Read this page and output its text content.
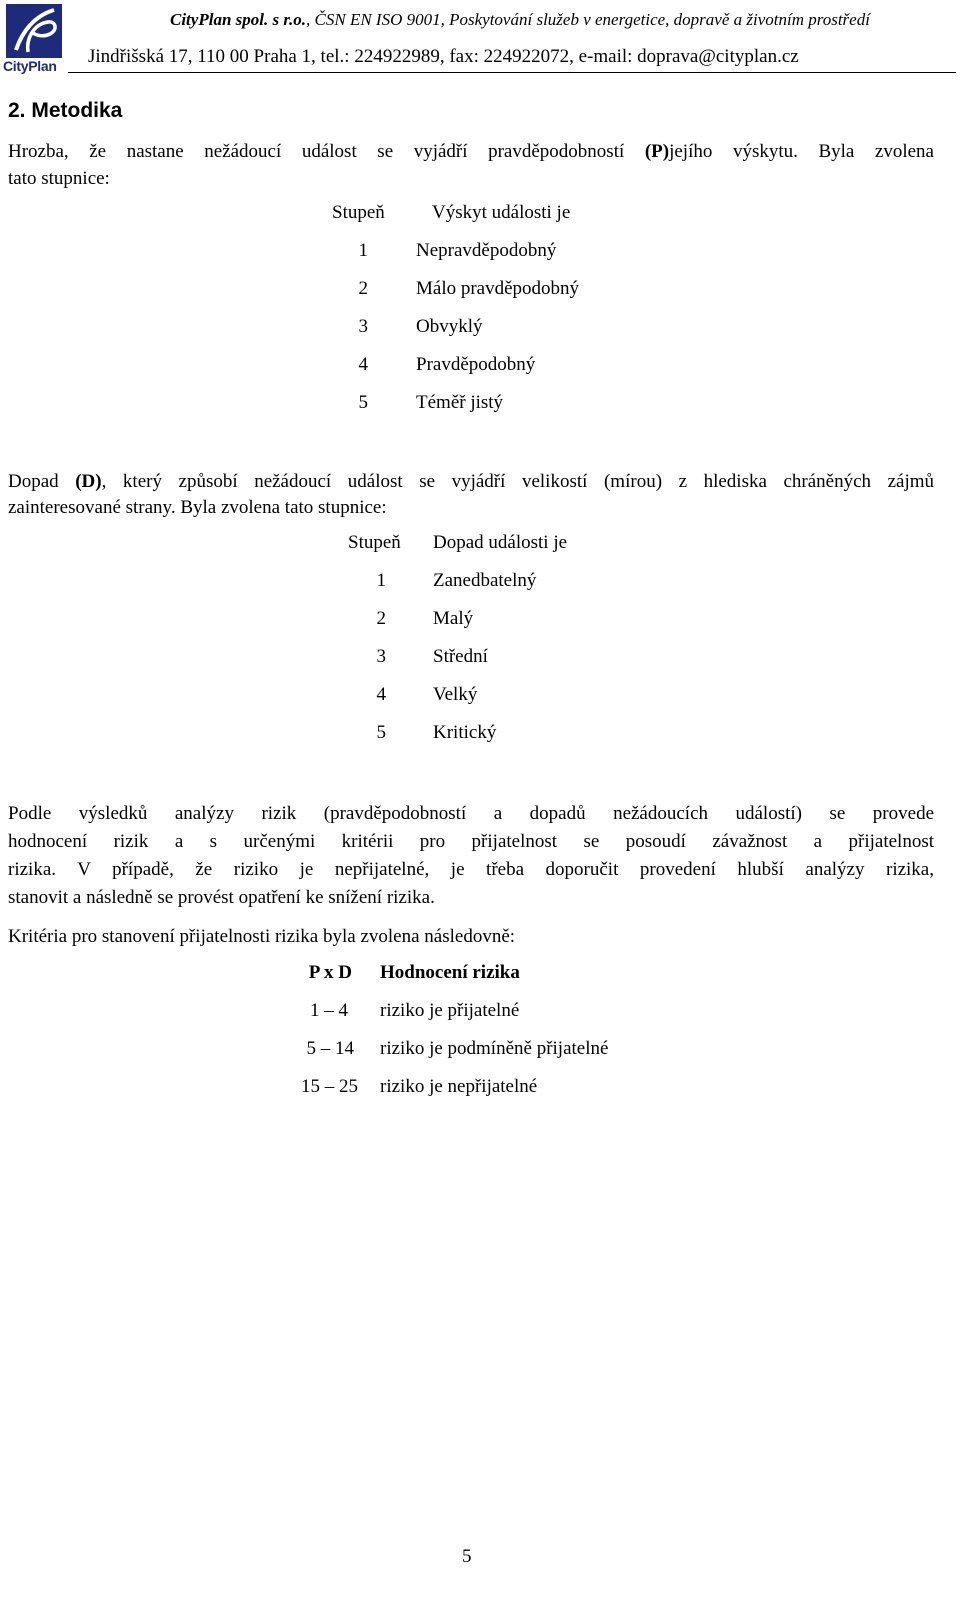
CityPlan
CityPlan spol. s r.o., ČSN EN ISO 9001, Poskytování služeb v energetice, dopravě a životním prostředí
Jindřišská 17, 110 00 Praha 1, tel.: 224922989, fax: 224922072, e-mail: doprava@cityplan.cz
2. Metodika

Hrozba, že nastane nežádoucí událost se vyjádří pravděpodobností (P)jejího výskytu. Byla zvolena

tato stupnice:

Stupeň Výskyt události je
1	Nepravděpodobný
2	Málo pravděpodobný
3	Obvyklý
4	Pravděpodobný
5	Téměř jistý

Dopad (D), který způsobí nežádoucí událost se vyjádří velikostí (mírou) z hlediska chráněných zájmů

zainteresované strany. Byla zvolena tato stupnice:

Stupeň Dopad události je
1 Zanedbatelný
2 Malý
3 Střední
4 Velký
5 Kritický

Podle výsledků analýzy rizik (pravděpodobností a dopadů nežádoucích událostí) se provede

hodnocení rizik a s určenými kritérii pro přijatelnost se posoudí závažnost a přijatelnost

rizika. V případě, že riziko je nepřijatelné, je třeba doporučit provedení hlubší analýzy rizika,

stanovit a následně se provést opatření ke snížení rizika.

Kritéria pro stanovení přijatelnosti rizika byla zvolena následovně:

P x D Hodnocení rizika
1 – 4 riziko je přijatelné
5 – 14 riziko je podmíněně přijatelné
15 – 25 riziko je nepřijatelné
5
